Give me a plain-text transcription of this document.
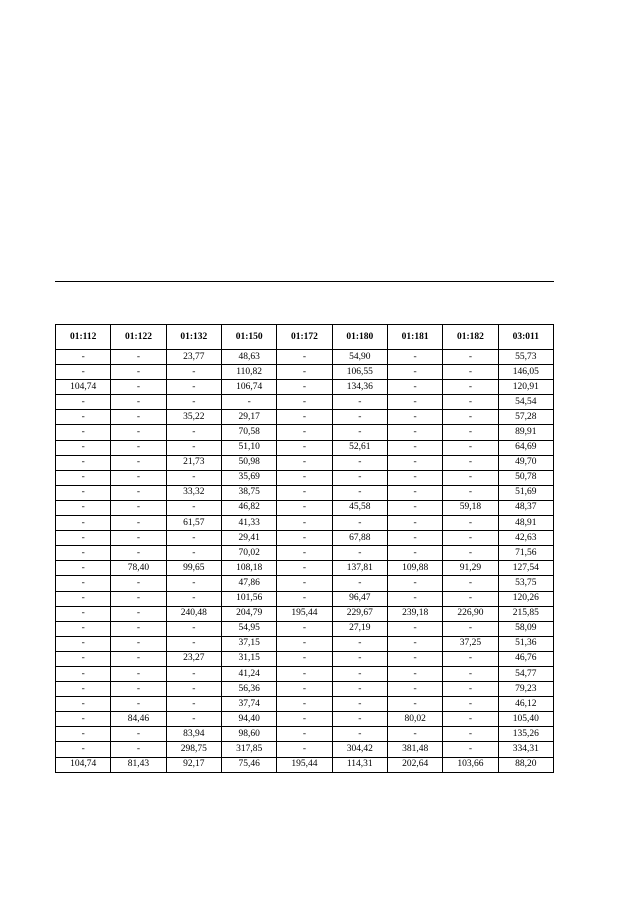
01:112	01:122	01:132	01:150	01:172	01:180	01:181	01:182	03:011
-	-	23,77	48,63	-	54,90	-	-	55,73
-	-	-	110,82	-	106,55	-	-	146,05
104,74	-	-	106,74	-	134,36	-	-	120,91
-	-	-	-	-	-	-	-	54,54
-	-	35,22	29,17	-	-	-	-	57,28
-	-	-	70,58	-	-	-	-	89,91
-	-	-	51,10	-	52,61	-	-	64,69
-	-	21,73	50,98	-	-	-	-	49,70
-	-	-	35,69	-	-	-	-	50,78
-	-	33,32	38,75	-	-	-	-	51,69
-	-	-	46,82	-	45,58	-	59,18	48,37
-	-	61,57	41,33	-	-	-	-	48,91
-	-	-	29,41	-	67,88	-	-	42,63
-	-	-	70,02	-	-	-	-	71,56
-	78,40	99,65	108,18	-	137,81	109,88	91,29	127,54
-	-	-	47,86	-	-	-	-	53,75
-	-	-	101,56	-	96,47	-	-	120,26
-	-	240,48	204,79	195,44	229,67	239,18	226,90	215,85
-	-	-	54,95	-	27,19	-	-	58,09
-	-	-	37,15	-	-	-	37,25	51,36
-	-	23,27	31,15	-	-	-	-	46,76
-	-	-	41,24	-	-	-	-	54,77
-	-	-	56,36	-	-	-	-	79,23
-	-	-	37,74	-	-	-	-	46,12
-	84,46	-	94,40	-	-	80,02	-	105,40
-	-	83,94	98,60	-	-	-	-	135,26
-	-	298,75	317,85	-	304,42	381,48	-	334,31
104,74	81,43	92,17	75,46	195,44	114,31	202,64	103,66	88,20
